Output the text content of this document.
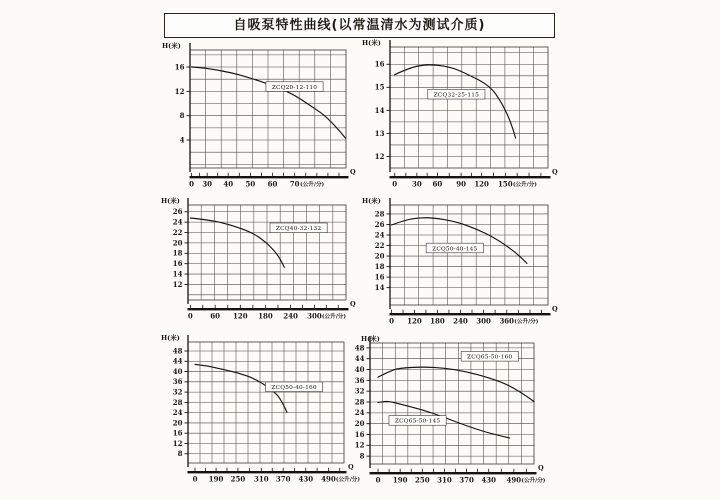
自吸泵特性曲线(以常温清水为测试介质)
16
12
8
4
H(米)
Q
0 30 40 50 60 70 (公升/分)
ZCQ20-12-110
16
15
14
13
12
H(米)
Q
0 30 60 90 120 150 (公升/分)
ZCQ32-25-115
26
24
22
20
18
16
14
12
H(米)
Q
0 60 120 180 240 300 (公升/分)
ZCQ40-32-132
28
26
24
22
20
18
16
14
H(米)
Q
0 120 180 240 300 360 (公升/分)
ZCQ50-40-145
48
44
40
36
32
28
24
20
16
12
8
H(米)
Q
0 190 250 310 370 430 490 (公升/分)
ZCQ50-40-160
48
44
40
36
32
28
24
20
16
12
8
H(米)
Q
0 190 250 310 370 430 490 (公升/分)
ZCQ65-50-160
ZCQ65-50-145
